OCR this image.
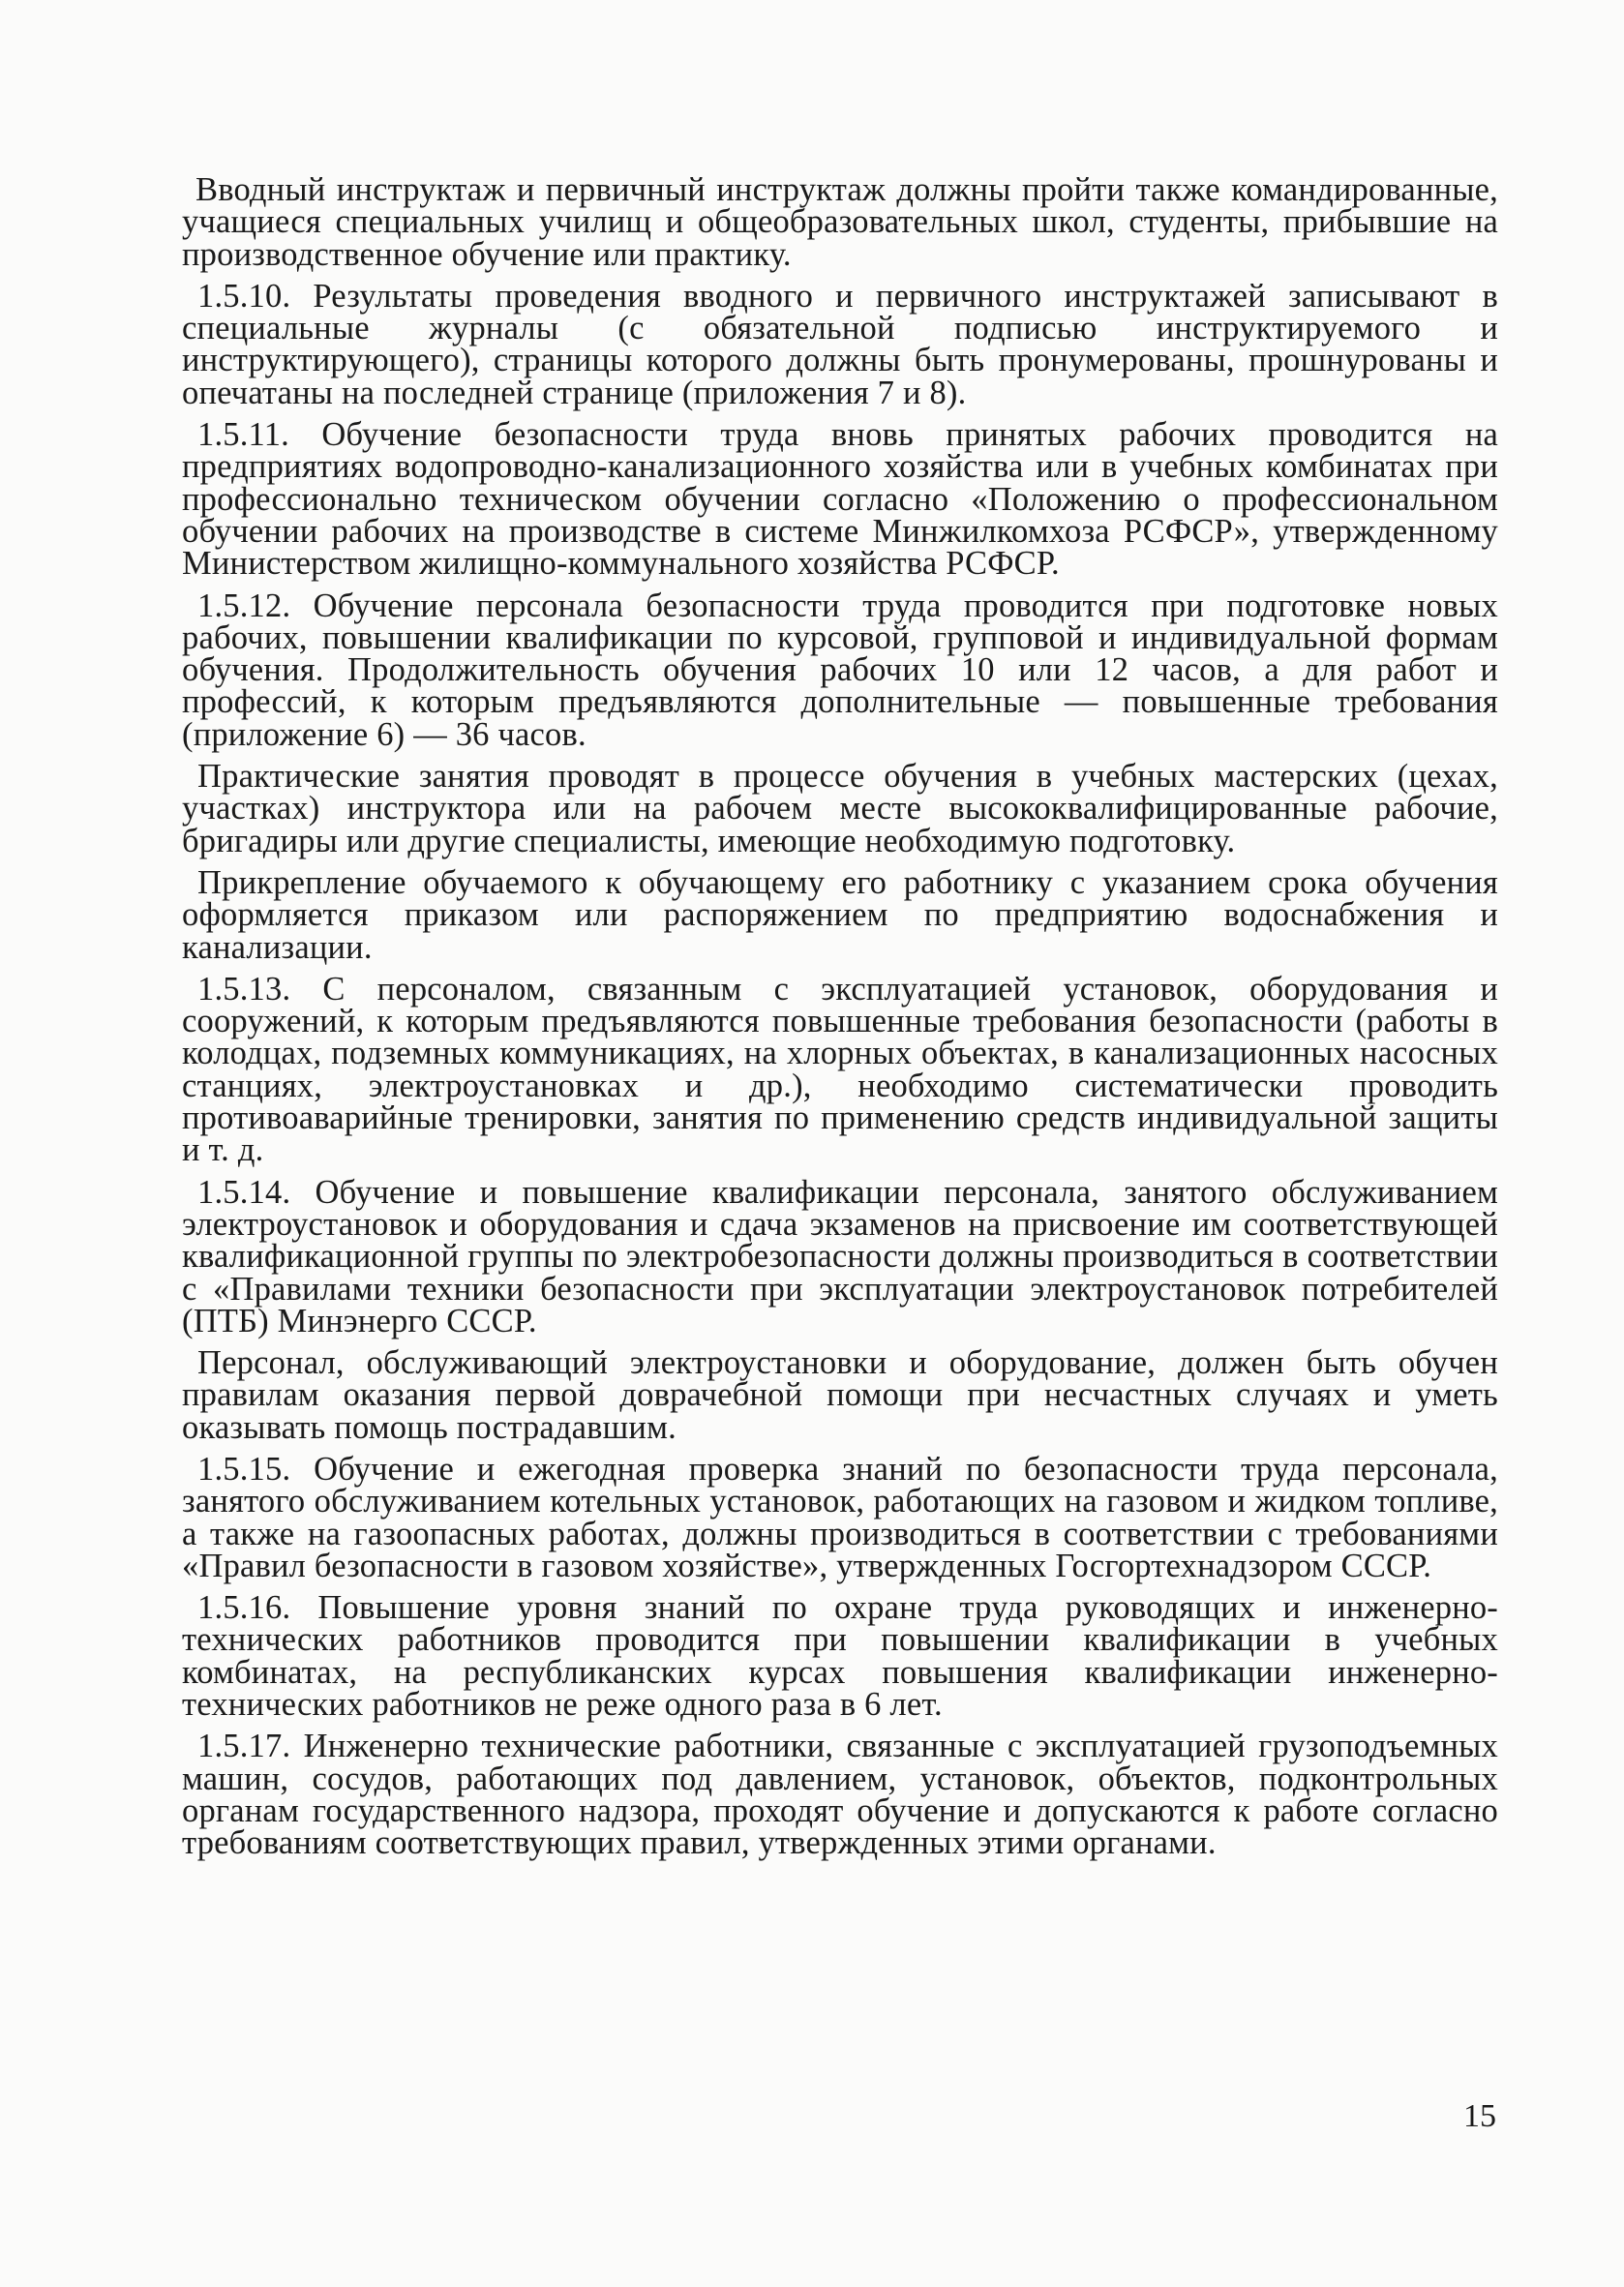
Вводный инструктаж и первичный инструктаж должны пройти также командированные, учащиеся специальных училищ и общеобразовательных школ, студенты, прибывшие на производственное обучение или практику.

1.5.10. Результаты проведения вводного и первичного инструктажей записывают в специальные журналы (с обязательной подписью инструктируемого и инструктирующего), страницы которого должны быть пронумерованы, прошнурованы и опечатаны на последней странице (приложения 7 и 8).

1.5.11. Обучение безопасности труда вновь принятых рабочих проводится на предприятиях водопроводно-канализационного хозяйства или в учебных комбинатах при профессионально техническом обучении согласно «Положению о профессиональном обучении рабочих на производстве в системе Минжилкомхоза РСФСР», утвержденному Министерством жилищно-коммунального хозяйства РСФСР.

1.5.12. Обучение персонала безопасности труда проводится при подготовке новых рабочих, повышении квалификации по курсовой, групповой и индивидуальной формам обучения. Продолжительность обучения рабочих 10 или 12 часов, а для работ и профессий, к которым предъявляются дополнительные — повышенные требования (приложение 6) — 36 часов.

Практические занятия проводят в процессе обучения в учебных мастерских (цехах, участках) инструктора или на рабочем месте высококвалифицированные рабочие, бригадиры или другие специалисты, имеющие необходимую подготовку.

Прикрепление обучаемого к обучающему его работнику с указанием срока обучения оформляется приказом или распоряжением по предприятию водоснабжения и канализации.

1.5.13. С персоналом, связанным с эксплуатацией установок, оборудования и сооружений, к которым предъявляются повышенные требования безопасности (работы в колодцах, подземных коммуникациях, на хлорных объектах, в канализационных насосных станциях, электроустановках и др.), необходимо систематически проводить противоаварийные тренировки, занятия по применению средств индивидуальной защиты и т. д.

1.5.14. Обучение и повышение квалификации персонала, занятого обслуживанием электроустановок и оборудования и сдача экзаменов на присвоение им соответствующей квалификационной группы по электробезопасности должны производиться в соответствии с «Правилами техники безопасности при эксплуатации электроустановок потребителей (ПТБ) Минэнерго СССР.

Персонал, обслуживающий электроустановки и оборудование, должен быть обучен правилам оказания первой доврачебной помощи при несчастных случаях и уметь оказывать помощь пострадавшим.

1.5.15. Обучение и ежегодная проверка знаний по безопасности труда персонала, занятого обслуживанием котельных установок, работающих на газовом и жидком топливе, а также на газоопасных работах, должны производиться в соответствии с требованиями «Правил безопасности в газовом хозяйстве», утвержденных Госгортехнадзором СССР.

1.5.16. Повышение уровня знаний по охране труда руководящих и инженерно-технических работников проводится при повышении квалификации в учебных комбинатах, на республиканских курсах повышения квалификации инженерно-технических работников не реже одного раза в 6 лет.

1.5.17. Инженерно технические работники, связанные с эксплуатацией грузоподъемных машин, сосудов, работающих под давлением, установок, объектов, подконтрольных органам государственного надзора, проходят обучение и допускаются к работе согласно требованиям соответствующих правил, утвержденных этими органами.

15
